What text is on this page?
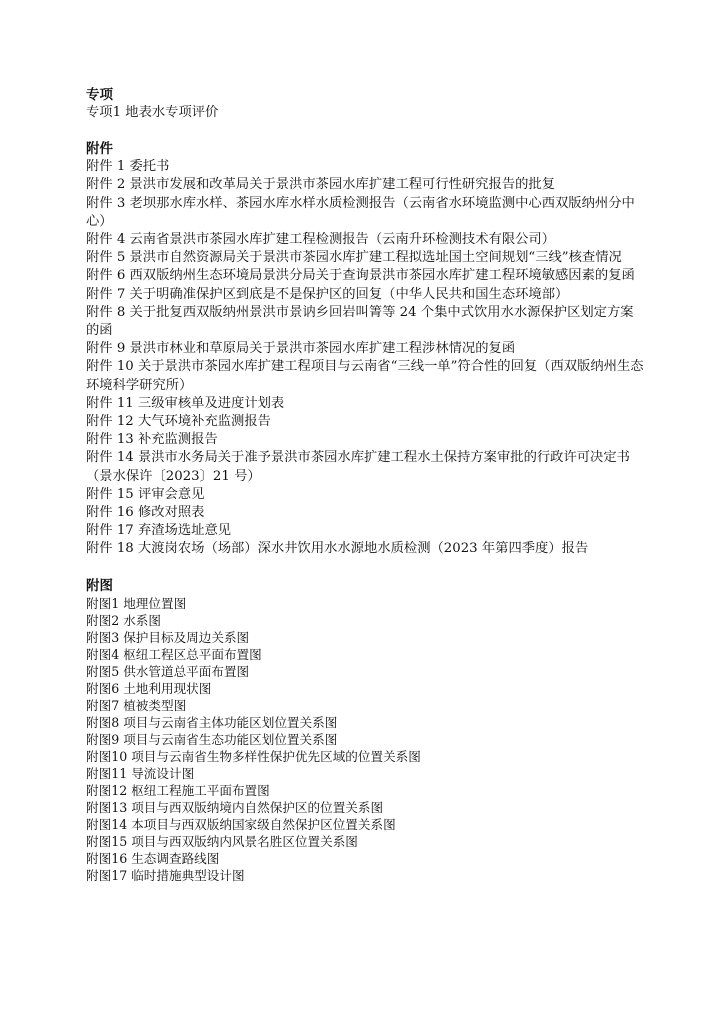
专项
专项1 地表水专项评价
附件
附件 1 委托书
附件 2 景洪市发展和改革局关于景洪市茶园水库扩建工程可行性研究报告的批复
附件 3 老坝那水库水样、茶园水库水样水质检测报告（云南省水环境监测中心西双版纳州分中心）
附件 4 云南省景洪市茶园水库扩建工程检测报告（云南升环检测技术有限公司）
附件 5 景洪市自然资源局关于景洪市茶园水库扩建工程拟选址国土空间规划“三线”核查情况
附件 6 西双版纳州生态环境局景洪分局关于查询景洪市茶园水库扩建工程环境敏感因素的复函
附件 7 关于明确准保护区到底是不是保护区的回复（中华人民共和国生态环境部）
附件 8 关于批复西双版纳州景洪市景讷乡回岩叫箐等 24 个集中式饮用水水源保护区划定方案的函
附件 9 景洪市林业和草原局关于景洪市茶园水库扩建工程涉林情况的复函
附件 10 关于景洪市茶园水库扩建工程项目与云南省“三线一单”符合性的回复（西双版纳州生态环境科学研究所）
附件 11 三级审核单及进度计划表
附件 12 大气环境补充监测报告
附件 13 补充监测报告
附件 14 景洪市水务局关于准予景洪市茶园水库扩建工程水土保持方案审批的行政许可决定书（景水保许〔2023〕21 号）
附件 15 评审会意见
附件 16 修改对照表
附件 17 弃渣场选址意见
附件 18 大渡岗农场（场部）深水井饮用水水源地水质检测（2023 年第四季度）报告
附图
附图1 地理位置图
附图2 水系图
附图3 保护目标及周边关系图
附图4 枢纽工程区总平面布置图
附图5 供水管道总平面布置图
附图6 土地利用现状图
附图7 植被类型图
附图8 项目与云南省主体功能区划位置关系图
附图9 项目与云南省生态功能区划位置关系图
附图10 项目与云南省生物多样性保护优先区域的位置关系图
附图11 导流设计图
附图12 枢纽工程施工平面布置图
附图13 项目与西双版纳境内自然保护区的位置关系图
附图14 本项目与西双版纳国家级自然保护区位置关系图
附图15 项目与西双版纳内风景名胜区位置关系图
附图16 生态调查路线图
附图17 临时措施典型设计图
